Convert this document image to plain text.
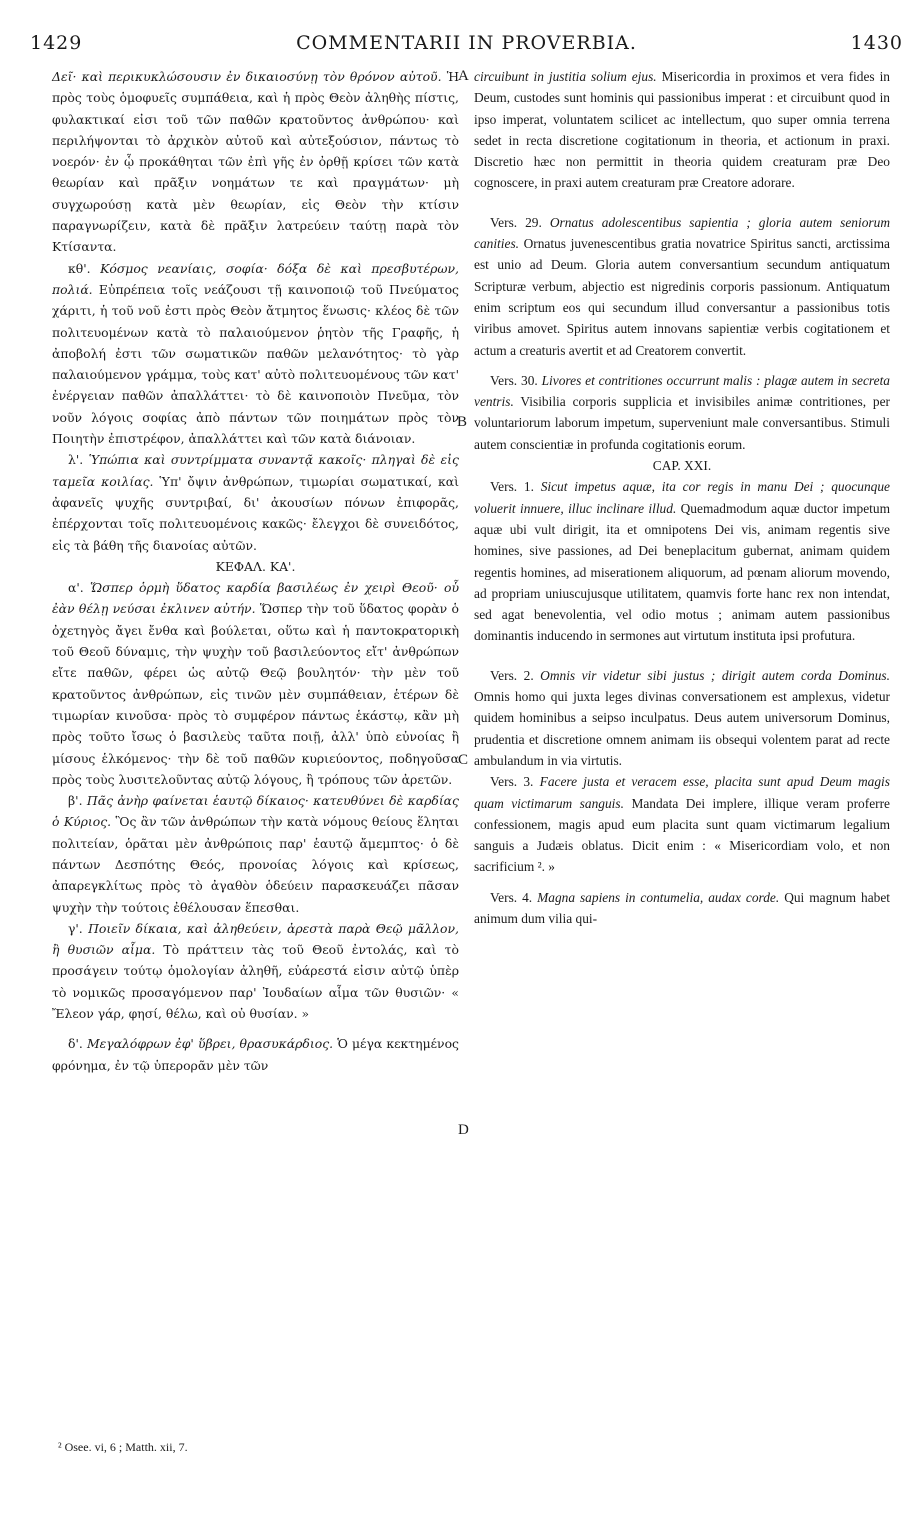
1429	COMMENTARII IN PROVERBIA.	1430
A
B
C
D

Δεῖ· καὶ περικυκλώσουσιν ἐν δικαιοσύνῃ τὸν θρόνον αὐτοῦ. Ἡ πρὸς τοὺς ὁμοφυεῖς συμπάθεια, καὶ ἡ πρὸς Θεὸν ἀληθὴς πίστις, φυλακτικαί εἰσι τοῦ τῶν παθῶν κρατοῦντος ἀνθρώπου· καὶ περιλήψονται τὸ ἀρχικὸν αὐτοῦ καὶ αὐτεξούσιον, πάντως τὸ νοερόν· ἐν ᾧ προκάθηται τῶν ἐπὶ γῆς ἐν ὀρθῇ κρίσει τῶν κατὰ θεωρίαν καὶ πρᾶξιν νοημάτων τε καὶ πραγμάτων· μὴ συγχωρούσῃ κατὰ μὲν θεωρίαν, εἰς Θεὸν τὴν κτίσιν παραγνωρίζειν, κατὰ δὲ πρᾶξιν λατρεύειν ταύτῃ παρὰ τὸν Κτίσαντα.

κθ'. Κόσμος νεανίαις, σοφία· δόξα δὲ καὶ πρεσβυτέρων, πολιά. Εὐπρέπεια τοῖς νεάζουσι τῇ καινοποιῷ τοῦ Πνεύματος χάριτι, ἡ τοῦ νοῦ ἐστι πρὸς Θεὸν ἄτμητος ἕνωσις· κλέος δὲ τῶν πολιτευομένων κατὰ τὸ παλαιούμενον ῥητὸν τῆς Γραφῆς, ἡ ἀποβολή ἐστι τῶν σωματικῶν παθῶν μελανότητος· τὸ γὰρ παλαιούμενον γράμμα, τοὺς κατ' αὐτὸ πολιτευομένους τῶν κατ' ἐνέργειαν παθῶν ἀπαλλάττει· τὸ δὲ καινοποιὸν Πνεῦμα, τὸν νοῦν λόγοις σοφίας ἀπὸ πάντων τῶν ποιημάτων πρὸς τὸν Ποιητὴν ἐπιστρέφον, ἀπαλλάττει καὶ τῶν κατὰ διάνοιαν.

λ'. Ὑπώπια καὶ συντρίμματα συναντᾷ κακοῖς· πληγαὶ δὲ εἰς ταμεῖα κοιλίας. Ὑπ' ὄψιν ἀνθρώπων, τιμωρίαι σωματικαί, καὶ ἀφανεῖς ψυχῆς συντριβαί, δι' ἀκουσίων πόνων ἐπιφορᾶς, ἐπέρχονται τοῖς πολιτευομένοις κακῶς· ἔλεγχοι δὲ συνειδότος, εἰς τὰ βάθη τῆς διανοίας αὐτῶν.

ΚΕΦΑΛ. ΚΑ'.

α'. Ὥσπερ ὁρμὴ ὕδατος καρδία βασιλέως ἐν χειρὶ Θεοῦ· οὗ ἐὰν θέλῃ νεύσαι ἐκλινεν αὐτήν. Ὥσπερ τὴν τοῦ ὕδατος φορὰν ὁ ὀχετηγὸς ἄγει ἔνθα καὶ βούλεται, οὕτω καὶ ἡ παντοκρατορικὴ τοῦ Θεοῦ δύναμις, τὴν ψυχὴν τοῦ βασιλεύοντος εἴτ' ἀνθρώπων εἴτε παθῶν, φέρει ὡς αὐτῷ Θεῷ βουλητόν· τὴν μὲν τοῦ κρατοῦντος ἀνθρώπων, εἰς τινῶν μὲν συμπάθειαν, ἑτέρων δὲ τιμωρίαν κινοῦσα· πρὸς τὸ συμφέρον πάντως ἑκάστῳ, κἂν μὴ πρὸς τοῦτο ἴσως ὁ βασιλεὺς ταῦτα ποιῇ, ἀλλ' ὑπὸ εὐνοίας ἢ μίσους ἑλκόμενος· τὴν δὲ τοῦ παθῶν κυριεύοντος, ποδηγοῦσα πρὸς τοὺς λυσιτελοῦντας αὐτῷ λόγους, ἢ τρόπους τῶν ἀρετῶν.

β'. Πᾶς ἀνὴρ φαίνεται ἑαυτῷ δίκαιος· κατευθύνει δὲ καρδίας ὁ Κύριος. Ὃς ἂν τῶν ἀνθρώπων τὴν κατὰ νόμους θείους ἕληται πολιτείαν, ὁρᾶται μὲν ἀνθρώποις παρ' ἑαυτῷ ἄμεμπτος· ὁ δὲ πάντων Δεσπότης Θεός, προνοίας λόγοις καὶ κρίσεως, ἀπαρεγκλίτως πρὸς τὸ ἀγαθὸν ὁδεύειν παρασκευάζει πᾶσαν ψυχὴν τὴν τούτοις ἐθέλουσαν ἕπεσθαι.

γ'. Ποιεῖν δίκαια, καὶ ἀληθεύειν, ἀρεστὰ παρὰ Θεῷ μᾶλλον, ἢ θυσιῶν αἷμα. Τὸ πράττειν τὰς τοῦ Θεοῦ ἐντολάς, καὶ τὸ προσάγειν τούτῳ ὁμολογίαν ἀληθῆ, εὐάρεστά εἰσιν αὐτῷ ὑπὲρ τὸ νομικῶς προσαγόμενον παρ' Ἰουδαίων αἷμα τῶν θυσιῶν· « Ἔλεον γάρ, φησί, θέλω, καὶ οὐ θυσίαν. »

δ'. Μεγαλόφρων ἐφ' ὕβρει, θρασυκάρδιος. Ὁ μέγα κεκτημένος φρόνημα, ἐν τῷ ὑπερορᾶν μὲν τῶν

circuibunt in justitia solium ejus. Misericordia in proximos et vera fides in Deum, custodes sunt hominis qui passionibus imperat : et circuibunt quod in ipso imperat, voluntatem scilicet ac intellectum, quo super omnia terrena sedet in recta discretione cogitationum in theoria, et actionum in praxi. Discretio hæc non permittit in theoria quidem creaturam præ Deo cognoscere, in praxi autem creaturam præ Creatore adorare.

Vers. 29. Ornatus adolescentibus sapientia ; gloria autem seniorum canities. Ornatus juvenescentibus gratia novatrice Spiritus sancti, arctissima est unio ad Deum. Gloria autem conversantium secundum antiquatum Scripturæ verbum, abjectio est nigredinis corporis passionum. Antiquatum enim scriptum eos qui secundum illud conversantur a passionibus totis viribus amovet. Spiritus autem innovans sapientiæ verbis cogitationem et actum a creaturis avertit et ad Creatorem convertit.

Vers. 30. Livores et contritiones occurrunt malis : plagæ autem in secreta ventris. Visibilia corporis supplicia et invisibiles animæ contritiones, per voluntariorum laborum impetum, superveniunt male conversantibus. Stimuli autem conscientiæ in profunda cogitationis eorum.

CAP. XXI.

Vers. 1. Sicut impetus aquæ, ita cor regis in manu Dei ; quocunque voluerit innuere, illuc inclinare illud. Quemadmodum aquæ ductor impetum aquæ ubi vult dirigit, ita et omnipotens Dei vis, animam regentis sive homines, sive passiones, ad Dei beneplacitum gubernat, animam quidem regentis homines, ad miserationem aliquorum, ad pœnam aliorum movendo, ad propriam uniuscujusque utilitatem, quamvis forte hanc rex non intendat, sed agat benevolentia, vel odio motus ; animam autem passionibus dominantis inducendo in sermones aut virtutum instituta ipsi profutura.

Vers. 2. Omnis vir videtur sibi justus ; dirigit autem corda Dominus. Omnis homo qui juxta leges divinas conversationem est amplexus, videtur quidem hominibus a seipso inculpatus. Deus autem universorum Dominus, prudentia et discretione omnem animam iis obsequi volentem parat ad recte ambulandum in via virtutis.

Vers. 3. Facere justa et veracem esse, placita sunt apud Deum magis quam victimarum sanguis. Mandata Dei implere, illique veram proferre confessionem, magis apud eum placita sunt quam victimarum legalium sanguis a Judæis oblatus. Dicit enim : « Misericordiam volo, et non sacrificium ². »

Vers. 4. Magna sapiens in contumelia, audax corde. Qui magnum habet animum dum vilia qui-

² Osee. vi, 6 ; Matth. xii, 7.
